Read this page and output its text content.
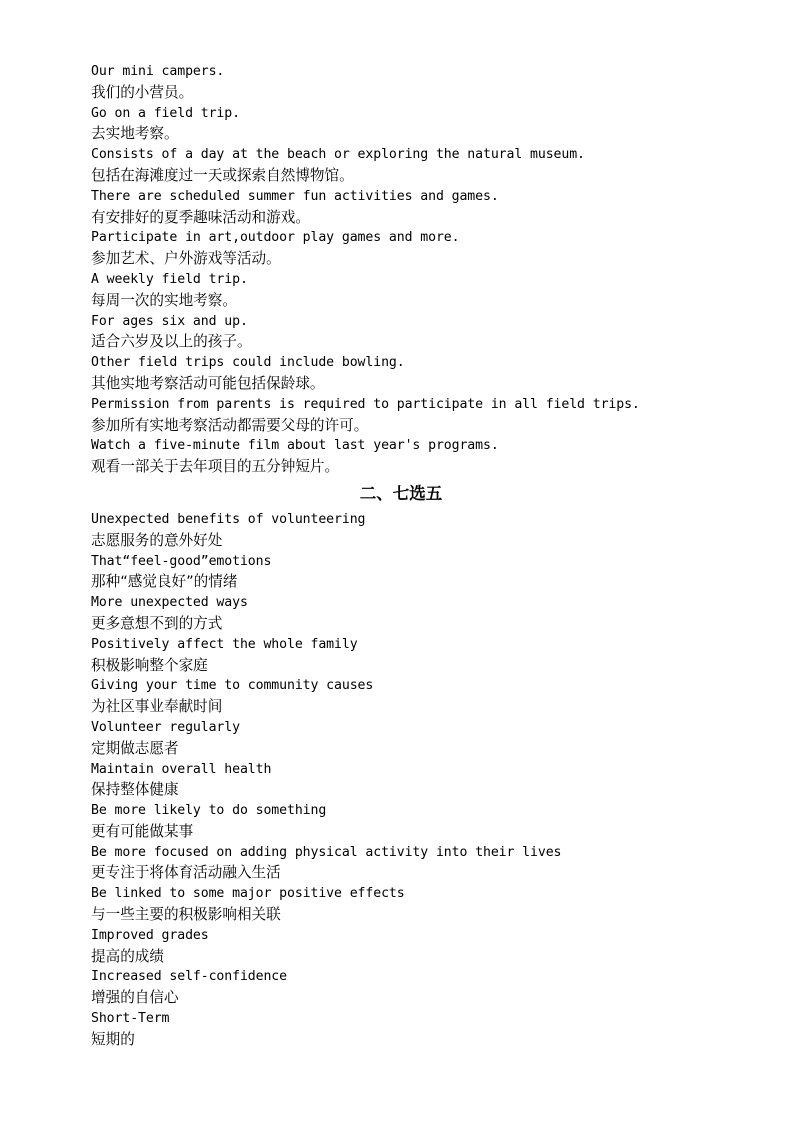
Our mini campers.
我们的小营员。
Go on a field trip.
去实地考察。
Consists of a day at the beach or exploring the natural museum.
包括在海滩度过一天或探索自然博物馆。
There are scheduled summer fun activities and games.
有安排好的夏季趣味活动和游戏。
Participate in art,outdoor play games and more.
参加艺术、户外游戏等活动。
A weekly field trip.
每周一次的实地考察。
For ages six and up.
适合六岁及以上的孩子。
Other field trips could include bowling.
其他实地考察活动可能包括保龄球。
Permission from parents is required to participate in all field trips.
参加所有实地考察活动都需要父母的许可。
Watch a five-minute film about last year's programs.
观看一部关于去年项目的五分钟短片。
二、七选五
Unexpected benefits of volunteering
志愿服务的意外好处
That“feel-good”emotions
那种“感觉良好”的情绪
More unexpected ways
更多意想不到的方式
Positively affect the whole family
积极影响整个家庭
Giving your time to community causes
为社区事业奉献时间
Volunteer regularly
定期做志愿者
Maintain overall health
保持整体健康
Be more likely to do something
更有可能做某事
Be more focused on adding physical activity into their lives
更专注于将体育活动融入生活
Be linked to some major positive effects
与一些主要的积极影响相关联
Improved grades
提高的成绩
Increased self-confidence
增强的自信心
Short-Term
短期的
